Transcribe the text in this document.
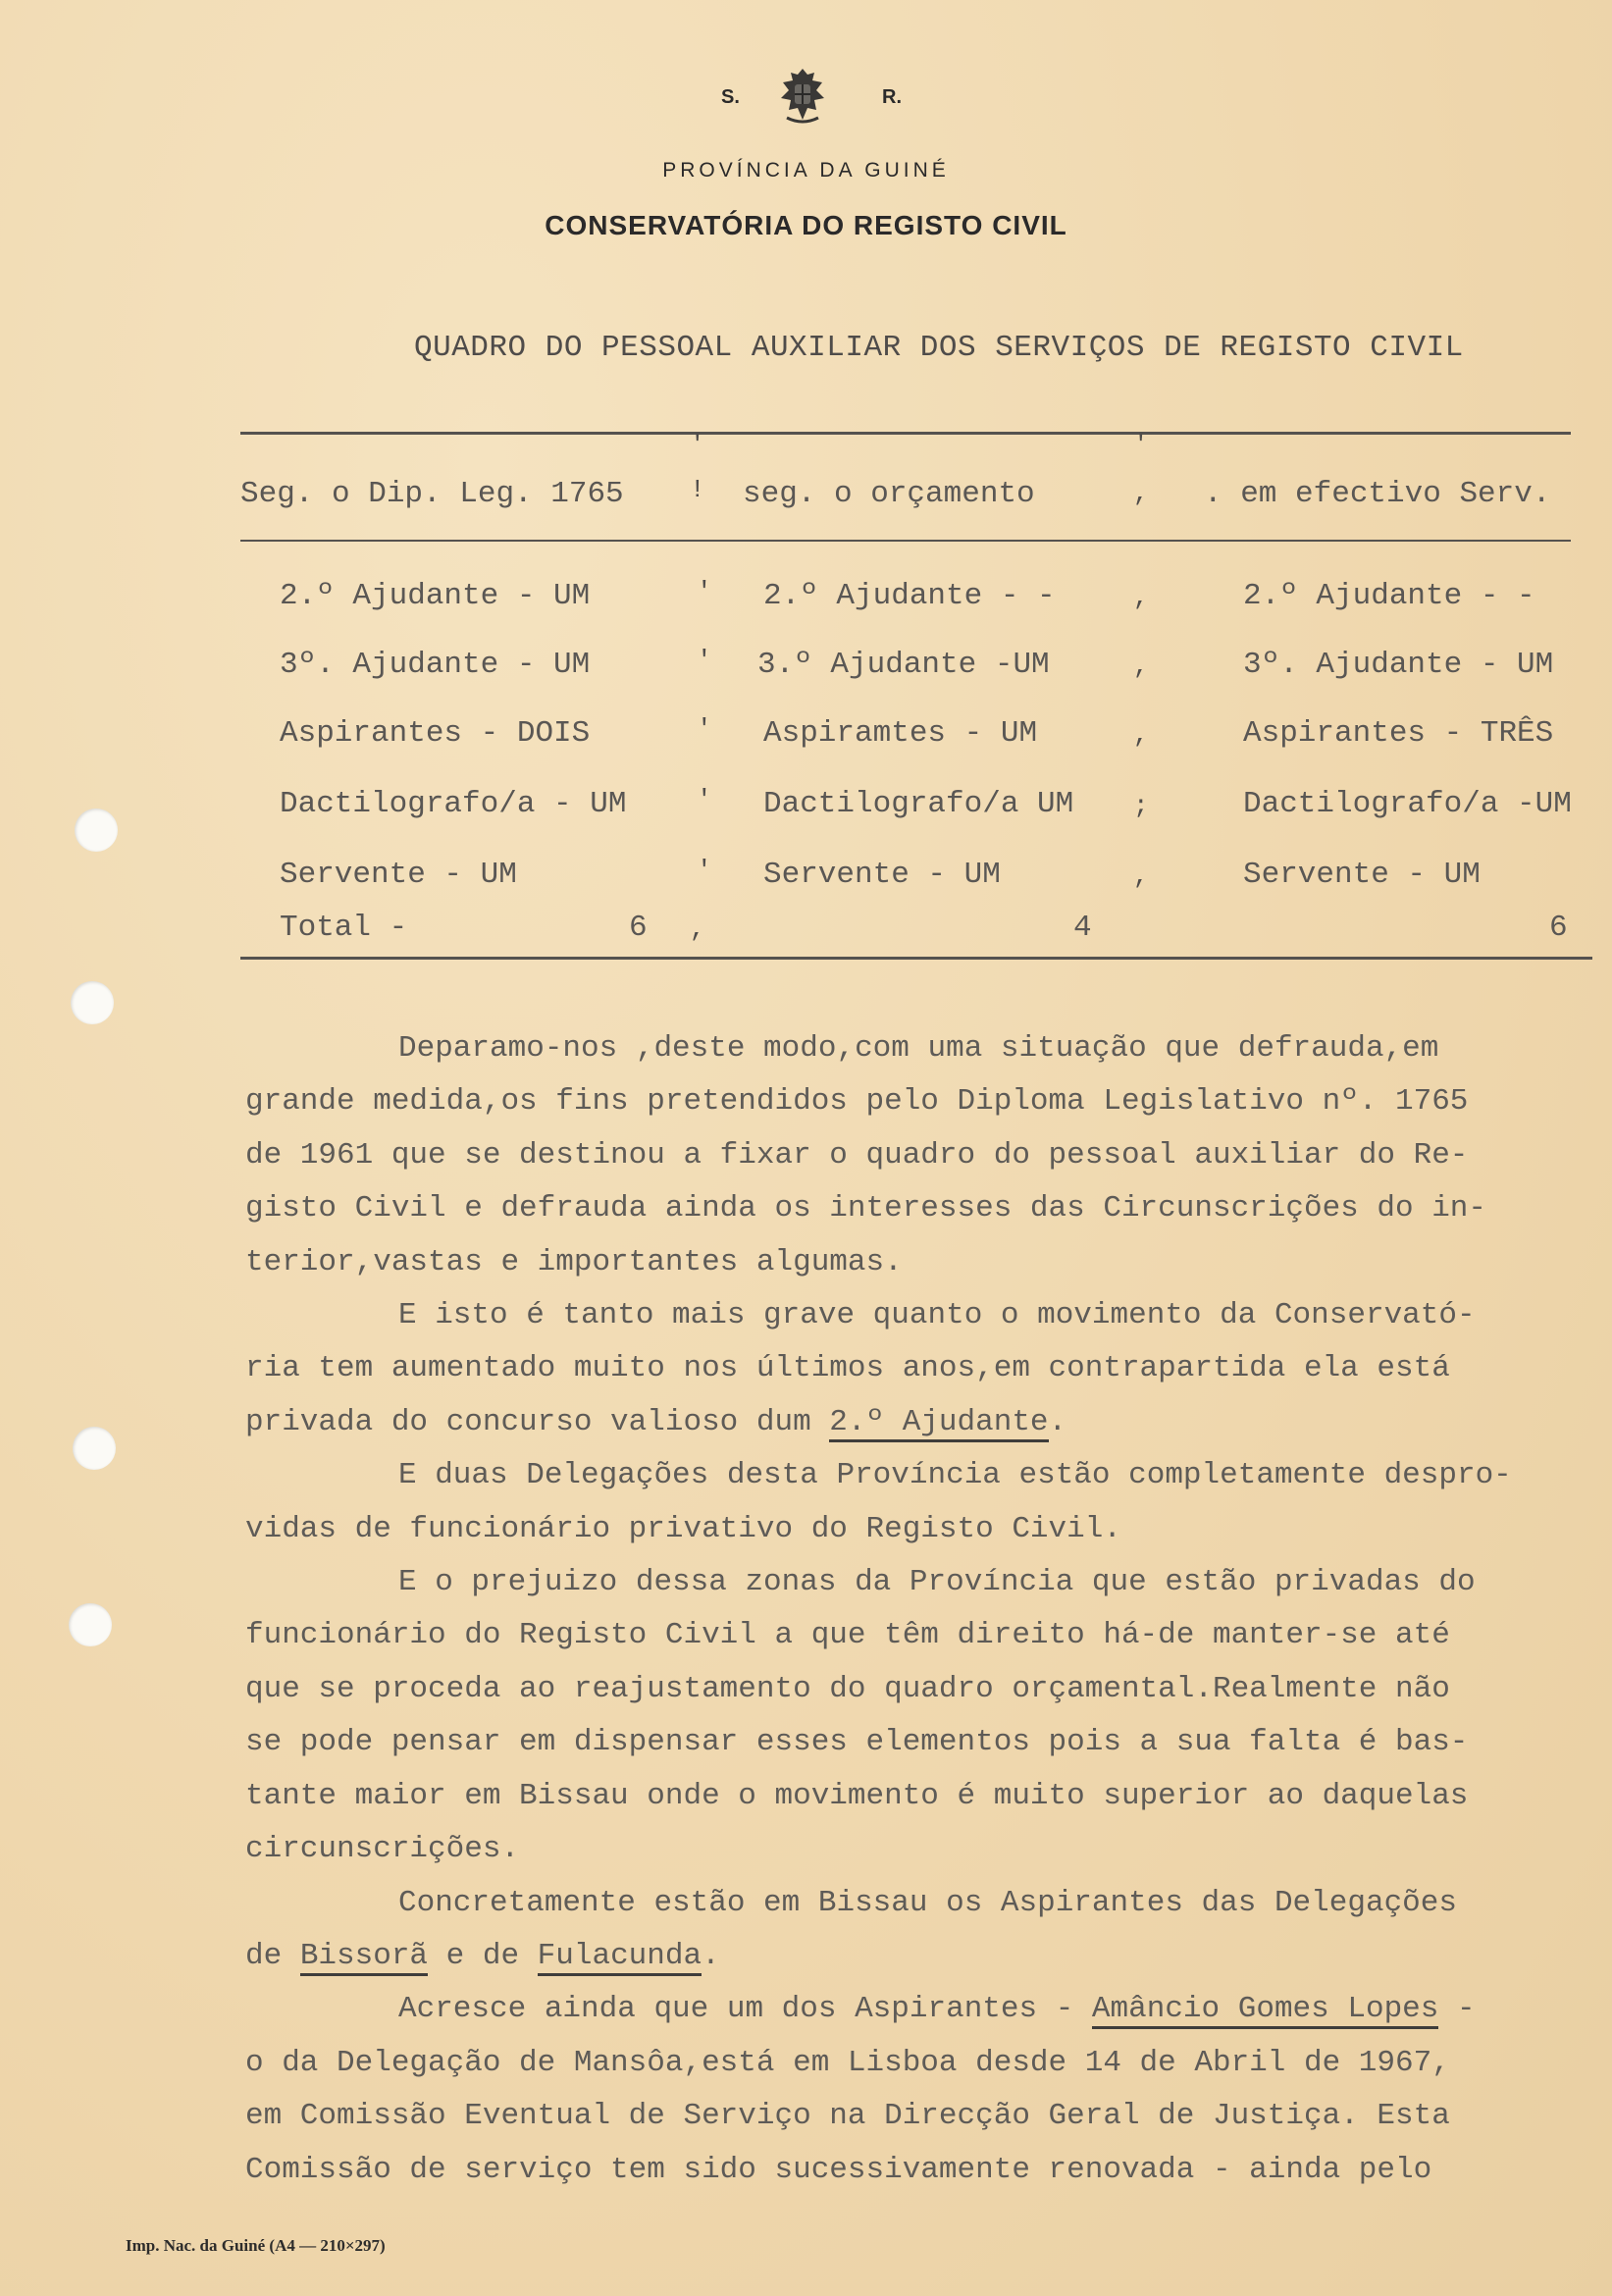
S.	R.
PROVÍNCIA DA GUINÉ
CONSERVATÓRIA DO REGISTO CIVIL
QUADRO DO PESSOAL AUXILIAR DOS SERVIÇOS DE REGISTO CIVIL
'	'
Seg. o Dip. Leg. 1765	! seg. o orçamento	, . em efectivo Serv.
2.º Ajudante - UM	' 2.º Ajudante - -	,	2.º Ajudante - -
3º. Ajudante - UM	' 3.º Ajudante -UM	,	3º. Ajudante - UM
Aspirantes - DOIS	' Aspiramtes - UM	,	Aspirantes - TRÊS
Dactilografo/a - UM	' Dactilografo/a UM ;	Dactilografo/a -UM
Servente - UM	' Servente - UM	,	Servente - UM
Total -	6 ,	4	6
Deparamo-nos ,deste modo,com uma situação que defrauda,em
grande medida,os fins pretendidos pelo Diploma Legislativo nº. 1765
de 1961 que se destinou a fixar o quadro do pessoal auxiliar do Re-
gisto Civil e defrauda ainda os interesses das Circunscrições do in-
terior,vastas e importantes algumas.
E isto é tanto mais grave quanto o movimento da Conservató-
ria tem aumentado muito nos últimos anos,em contrapartida ela está
privada do concurso valioso dum 2.º Ajudante.
E duas Delegações desta Província estão completamente despro-
vidas de funcionário privativo do Registo Civil.
E o prejuizo dessa zonas da Província que estão privadas do
funcionário do Registo Civil a que têm direito há-de manter-se até
que se proceda ao reajustamento do quadro orçamental.Realmente não
se pode pensar em dispensar esses elementos pois a sua falta é bas-
tante maior em Bissau onde o movimento é muito superior ao daquelas
circunscrições.
Concretamente estão em Bissau os Aspirantes das Delegações
de Bissorã e de Fulacunda.
Acresce ainda que um dos Aspirantes - Amâncio Gomes Lopes -
o da Delegação de Mansôa,está em Lisboa desde 14 de Abril de 1967,
em Comissão Eventual de Serviço na Direcção Geral de Justiça. Esta
Comissão de serviço tem sido sucessivamente renovada - ainda pelo
Imp. Nac. da Guiné (A4 — 210×297)
